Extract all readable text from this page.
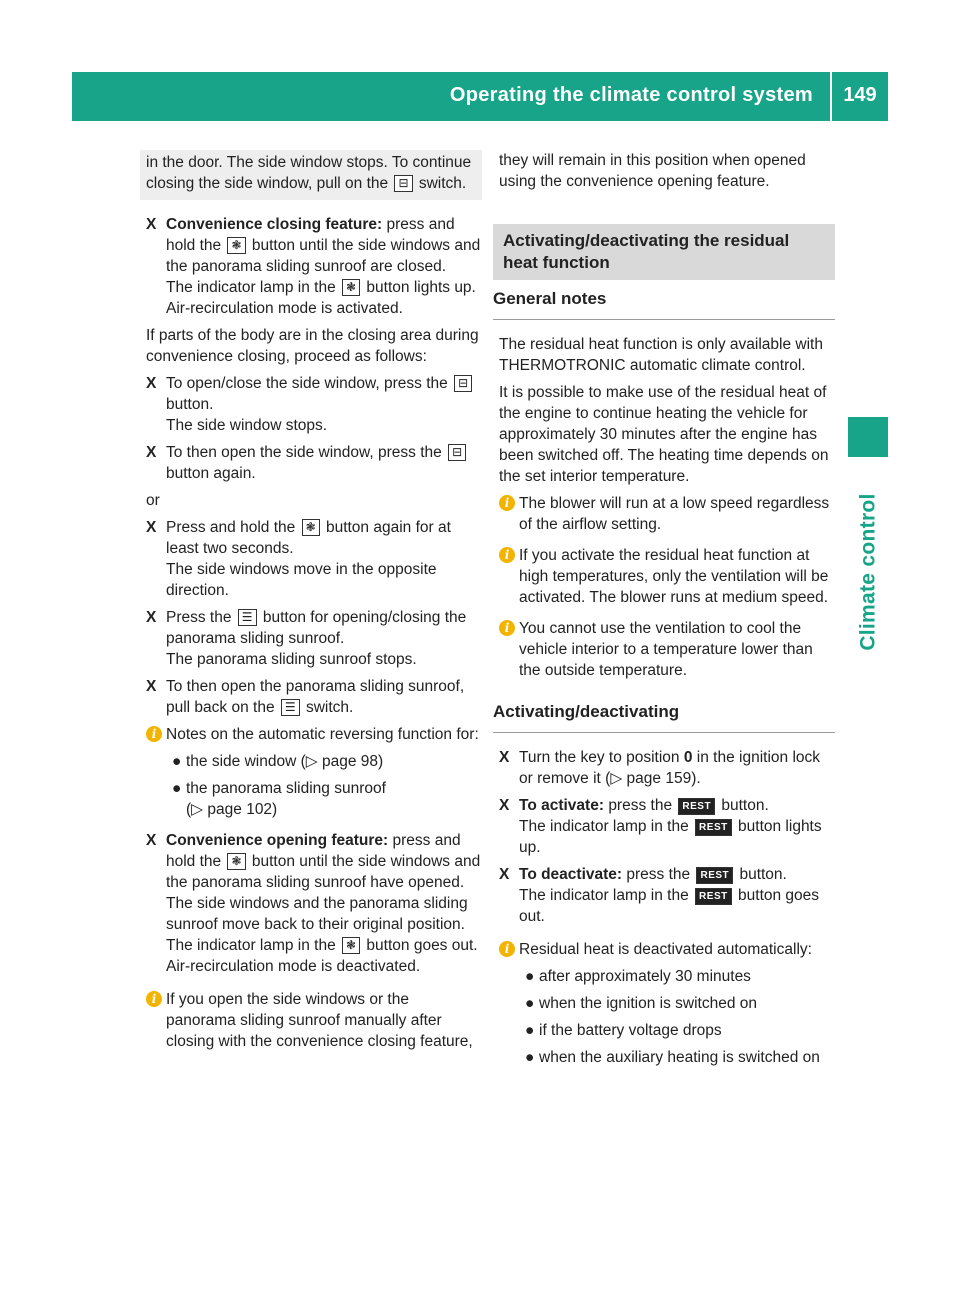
Operating the climate control system	149
Climate control
in the door. The side window stops. To continue closing the side window, pull on the ⊟ switch.
X Convenience closing feature: press and hold the ❃ button until the side windows and the panorama sliding sunroof are closed.
The indicator lamp in the ❃ button lights up. Air-recirculation mode is activated.

If parts of the body are in the closing area during convenience closing, proceed as follows:

X To open/close the side window, press the ⊟ button.
The side window stops.
X To then open the side window, press the ⊟ button again.

or

X Press and hold the ❃ button again for at least two seconds.
The side windows move in the opposite direction.
X Press the ☰ button for opening/closing the panorama sliding sunroof.
The panorama sliding sunroof stops.
X To then open the panorama sliding sunroof, pull back on the ☰ switch.
i Notes on the automatic reversing function for:
● the side window (▷ page 98)
● the panorama sliding sunroof
(▷ page 102)
X Convenience opening feature: press and hold the ❃ button until the side windows and the panorama sliding sunroof have opened. The side windows and the panorama sliding sunroof move back to their original position.
The indicator lamp in the ❃ button goes out. Air-recirculation mode is deactivated.
i If you open the side windows or the panorama sliding sunroof manually after closing with the convenience closing feature,

they will remain in this position when opened using the convenience opening feature.

Activating/deactivating the residual heat function
General notes

The residual heat function is only available with THERMOTRONIC automatic climate control.

It is possible to make use of the residual heat of the engine to continue heating the vehicle for approximately 30 minutes after the engine has been switched off. The heating time depends on the set interior temperature.

i The blower will run at a low speed regardless of the airflow setting.
i If you activate the residual heat function at high temperatures, only the ventilation will be activated. The blower runs at medium speed.
i You cannot use the ventilation to cool the vehicle interior to a temperature lower than the outside temperature.
Activating/deactivating
X Turn the key to position 0 in the ignition lock or remove it (▷ page 159).
X To activate: press the REST button.
The indicator lamp in the REST button lights up.
X To deactivate: press the REST button.
The indicator lamp in the REST button goes out.
i Residual heat is deactivated automatically:
● after approximately 30 minutes
● when the ignition is switched on
● if the battery voltage drops
● when the auxiliary heating is switched on
